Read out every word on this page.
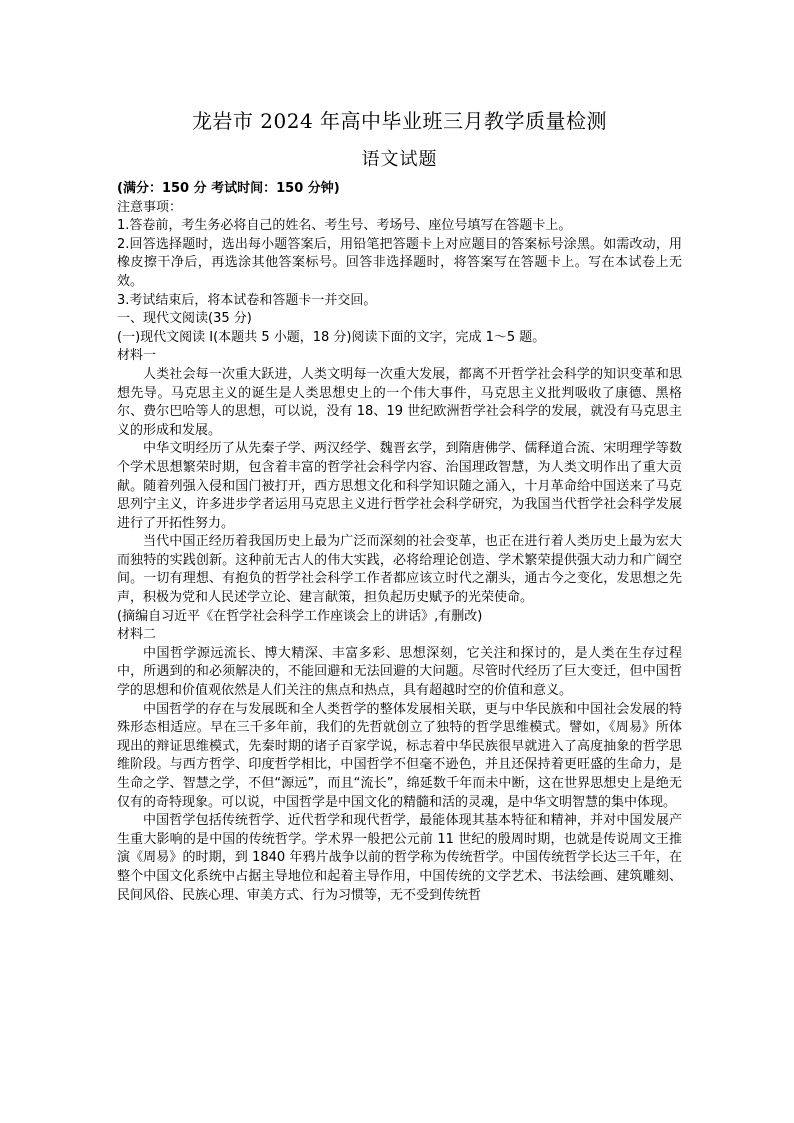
龙岩市 2024 年高中毕业班三月教学质量检测
语文试题

(满分：150 分 考试时间：150 分钟)

注意事项：

1.答卷前，考生务必将自己的姓名、考生号、考场号、座位号填写在答题卡上。

2.回答选择题时，选出每小题答案后，用铅笔把答题卡上对应题目的答案标号涂黑。如需改动，用橡皮擦干净后，再选涂其他答案标号。回答非选择题时，将答案写在答题卡上。写在本试卷上无效。

3.考试结束后，将本试卷和答题卡一并交回。

一、现代文阅读(35 分)

(一)现代文阅读 I(本题共 5 小题，18 分)阅读下面的文字，完成 1～5 题。

材料一

人类社会每一次重大跃进，人类文明每一次重大发展，都离不开哲学社会科学的知识变革和思想先导。马克思主义的诞生是人类思想史上的一个伟大事件，马克思主义批判吸收了康德、黑格尔、费尔巴哈等人的思想，可以说，没有 18、19 世纪欧洲哲学社会科学的发展，就没有马克思主义的形成和发展。

中华文明经历了从先秦子学、两汉经学、魏晋玄学，到隋唐佛学、儒释道合流、宋明理学等数个学术思想繁荣时期，包含着丰富的哲学社会科学内容、治国理政智慧，为人类文明作出了重大贡献。随着列强入侵和国门被打开，西方思想文化和科学知识随之涌入，十月革命给中国送来了马克思列宁主义，许多进步学者运用马克思主义进行哲学社会科学研究，为我国当代哲学社会科学发展进行了开拓性努力。

当代中国正经历着我国历史上最为广泛而深刻的社会变革，也正在进行着人类历史上最为宏大而独特的实践创新。这种前无古人的伟大实践，必将给理论创造、学术繁荣提供强大动力和广阔空间。一切有理想、有抱负的哲学社会科学工作者都应该立时代之潮头，通古今之变化，发思想之先声，积极为党和人民述学立论、建言献策，担负起历史赋予的光荣使命。

(摘编自习近平《在哲学社会科学工作座谈会上的讲话》,有删改)

材料二

中国哲学源远流长、博大精深、丰富多彩、思想深刻，它关注和探讨的，是人类在生存过程中，所遇到的和必须解决的，不能回避和无法回避的大问题。尽管时代经历了巨大变迁，但中国哲学的思想和价值观依然是人们关注的焦点和热点，具有超越时空的价值和意义。

中国哲学的存在与发展既和全人类哲学的整体发展相关联，更与中华民族和中国社会发展的特殊形态相适应。早在三千多年前，我们的先哲就创立了独特的哲学思维模式。譬如，《周易》所体现出的辩证思维模式，先秦时期的诸子百家学说，标志着中华民族很早就进入了高度抽象的哲学思维阶段。与西方哲学、印度哲学相比，中国哲学不但毫不逊色，并且还保持着更旺盛的生命力，是生命之学、智慧之学，不但“源远”，而且“流长”，绵延数千年而未中断，这在世界思想史上是绝无仅有的奇特现象。可以说，中国哲学是中国文化的精髓和活的灵魂，是中华文明智慧的集中体现。

中国哲学包括传统哲学、近代哲学和现代哲学，最能体现其基本特征和精神，并对中国发展产生重大影响的是中国的传统哲学。学术界一般把公元前 11 世纪的殷周时期，也就是传说周文王推演《周易》的时期，到 1840 年鸦片战争以前的哲学称为传统哲学。中国传统哲学长达三千年，在整个中国文化系统中占据主导地位和起着主导作用，中国传统的文学艺术、书法绘画、建筑雕刻、民间风俗、民族心理、审美方式、行为习惯等，无不受到传统哲
